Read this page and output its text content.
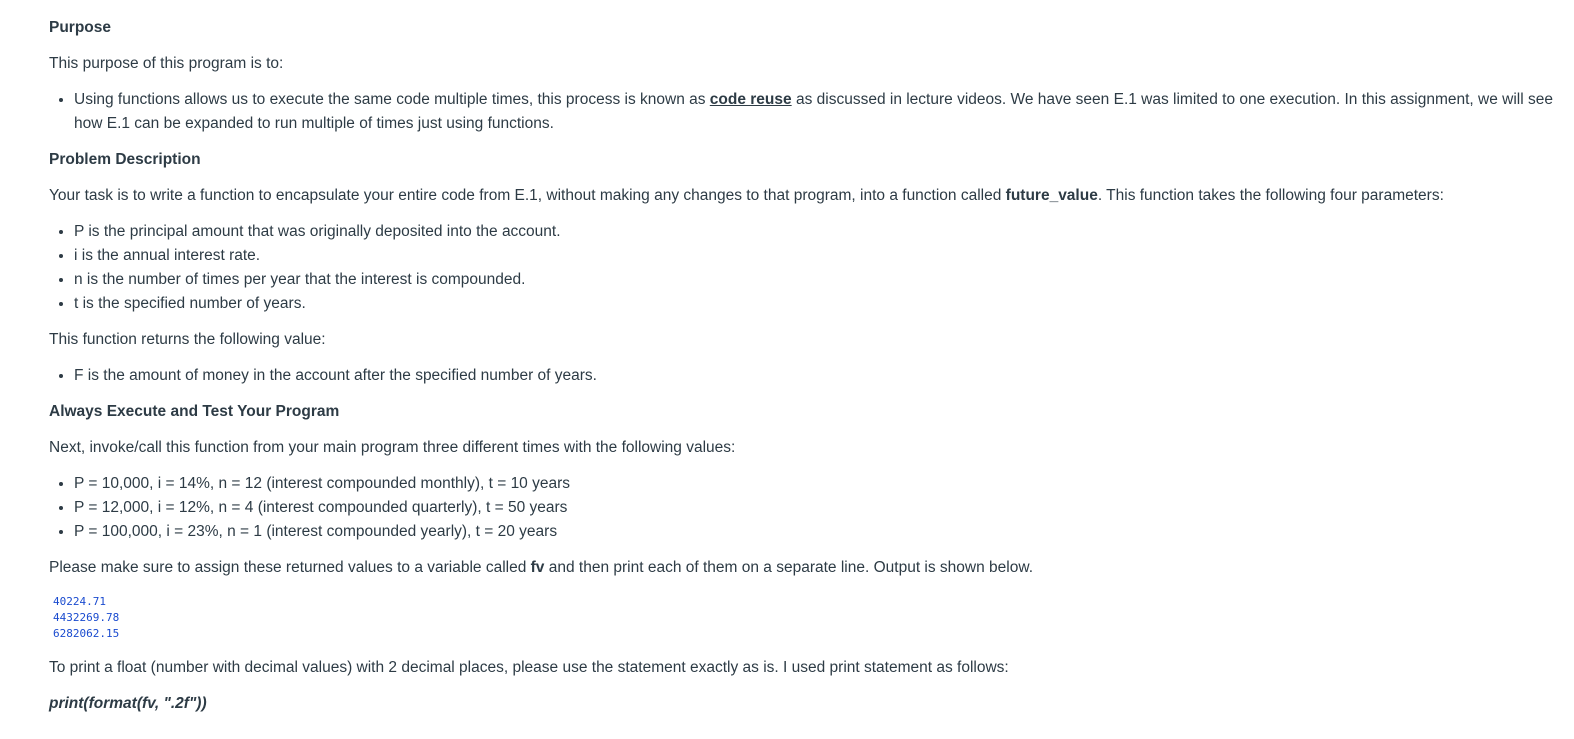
Purpose

This purpose of this program is to:

• Using functions allows us to execute the same code multiple times, this process is known as code reuse as discussed in lecture videos. We have seen E.1 was limited to one execution. In this assignment, we will see how E.1 can be expanded to run multiple of times just using functions.
Problem Description

Your task is to write a function to encapsulate your entire code from E.1, without making any changes to that program, into a function called future_value. This function takes the following four parameters:

• P is the principal amount that was originally deposited into the account.
• i is the annual interest rate.
• n is the number of times per year that the interest is compounded.
• t is the specified number of years.

This function returns the following value:

• F is the amount of money in the account after the specified number of years.
Always Execute and Test Your Program

Next, invoke/call this function from your main program three different times with the following values:

• P = 10,000, i = 14%, n = 12 (interest compounded monthly), t = 10 years
• P = 12,000, i = 12%, n = 4 (interest compounded quarterly), t = 50 years
• P = 100,000, i = 23%, n = 1 (interest compounded yearly), t = 20 years

Please make sure to assign these returned values to a variable called fv and then print each of them on a separate line. Output is shown below.

40224.71
4432269.78
6282062.15

To print a float (number with decimal values) with 2 decimal places, please use the statement exactly as is. I used print statement as follows:

print(format(fv, ".2f"))
